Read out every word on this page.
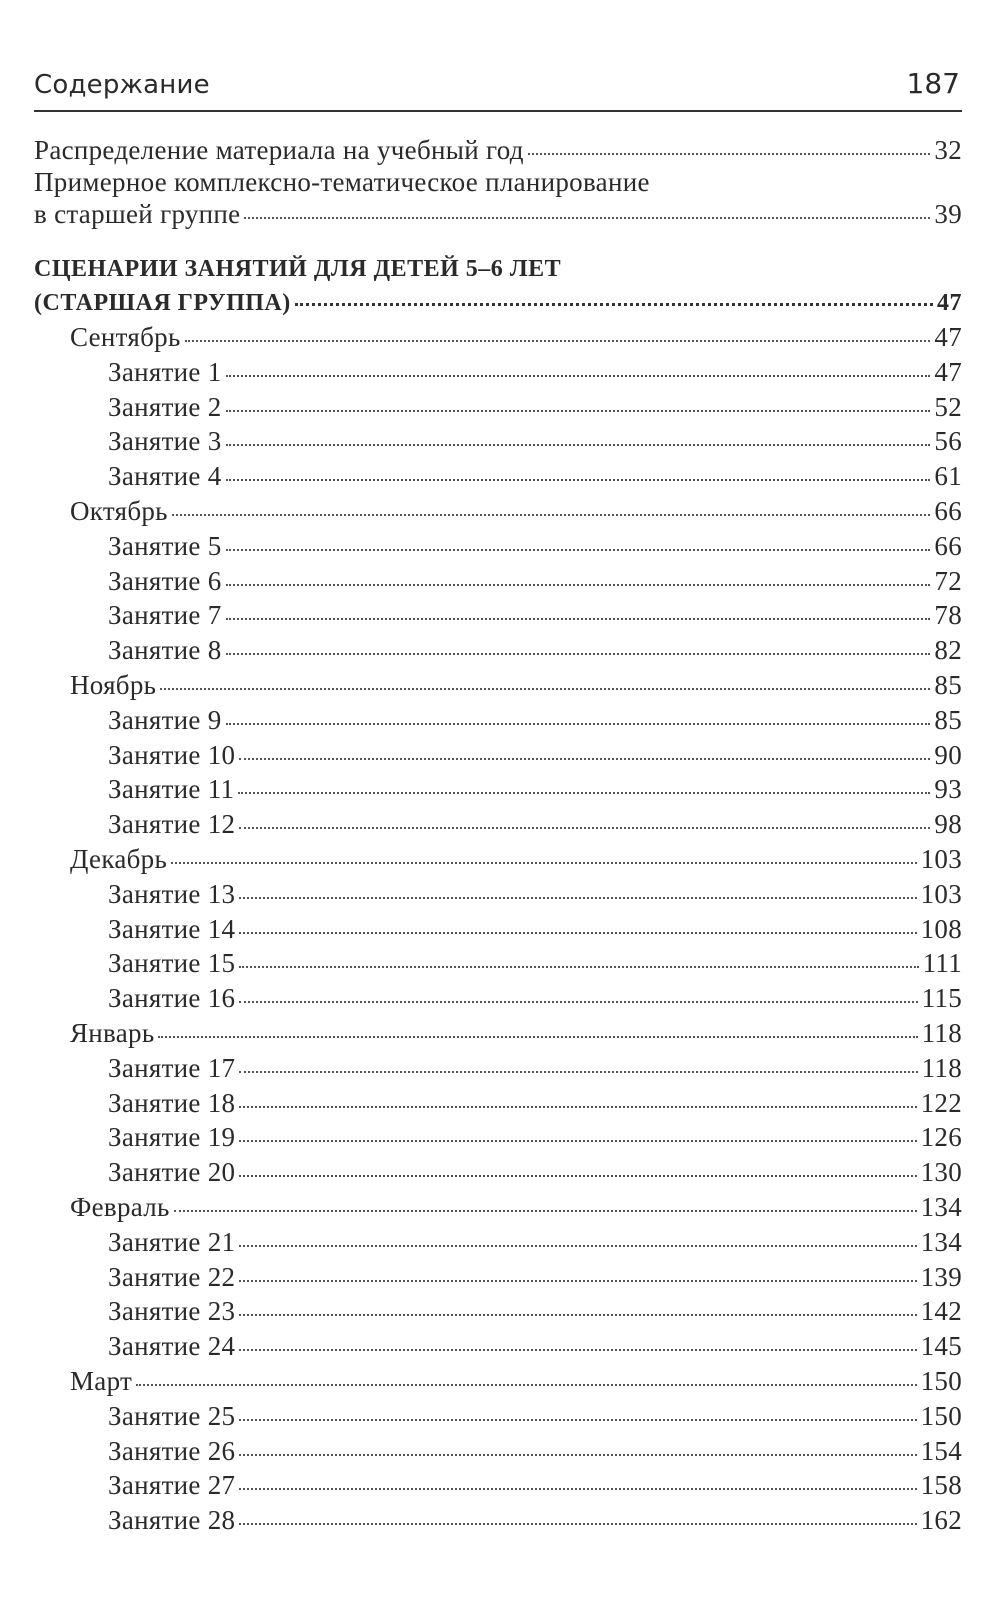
Содержание	187
Распределение материала на учебный год	32
Примерное комплексно-тематическое планирование
в старшей группе	39
СЦЕНАРИИ ЗАНЯТИЙ ДЛЯ ДЕТЕЙ 5–6 ЛЕТ
(СТАРШАЯ ГРУППА)	47
Сентябрь	47
Занятие 1	47
Занятие 2	52
Занятие 3	56
Занятие 4	61
Октябрь	66
Занятие 5	66
Занятие 6	72
Занятие 7	78
Занятие 8	82
Ноябрь	85
Занятие 9	85
Занятие 10	90
Занятие 11	93
Занятие 12	98
Декабрь	103
Занятие 13	103
Занятие 14	108
Занятие 15	111
Занятие 16	115
Январь	118
Занятие 17	118
Занятие 18	122
Занятие 19	126
Занятие 20	130
Февраль	134
Занятие 21	134
Занятие 22	139
Занятие 23	142
Занятие 24	145
Март	150
Занятие 25	150
Занятие 26	154
Занятие 27	158
Занятие 28	162
